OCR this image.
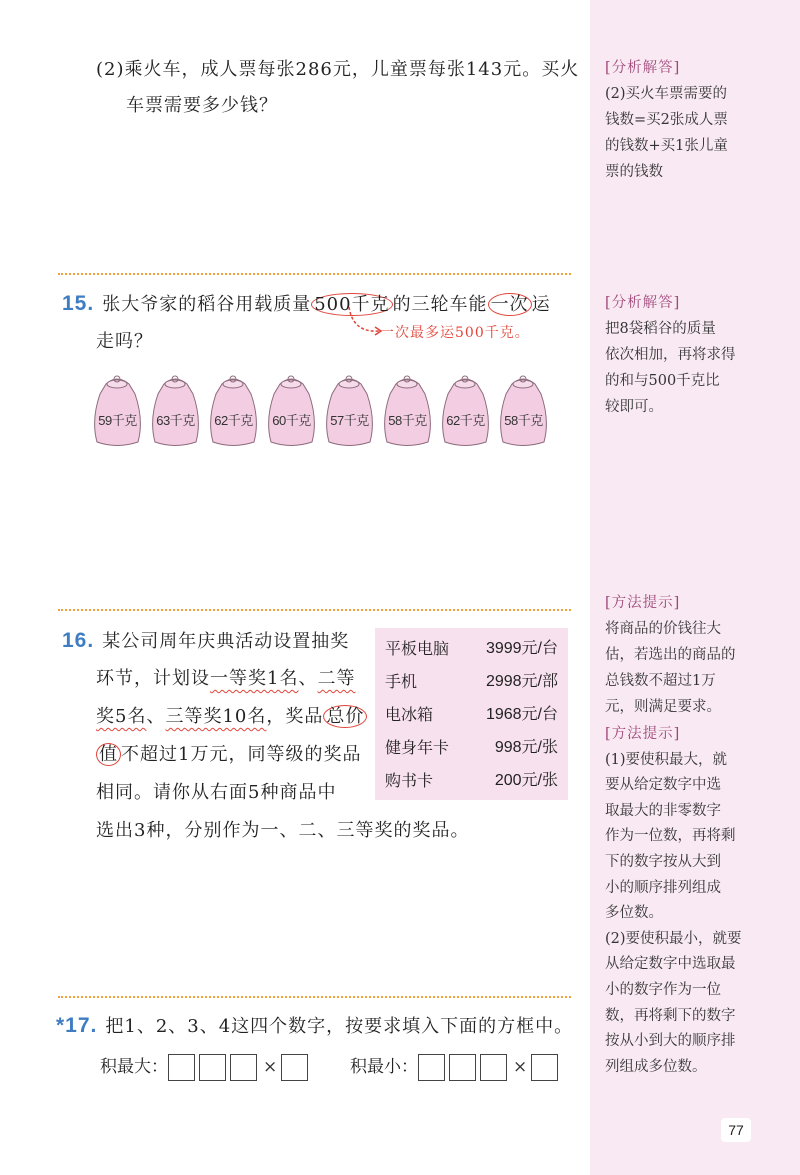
(2)乘火车，成人票每张286元，儿童票每张143元。买火
车票需要多少钱？
[分析解答]
(2)买火车票需要的
钱数=买2张成人票
的钱数+买1张儿童
票的钱数
15. 张大爷家的稻谷用载质量 500千克 的三轮车能 一次 运
走吗？	一次最多运500千克。
59千克	63千克	62千克	60千克	57千克	58千克	62千克	58千克
[分析解答]
把8袋稻谷的质量
依次相加，再将求得
的和与500千克比
较即可。
16. 某公司周年庆典活动设置抽奖
环节，计划设一等奖1名、二等
奖5名、三等奖10名，奖品 总价
值 不超过1万元，同等级的奖品
相同。请你从右面5种商品中
选出3种，分别作为一、二、三等奖的奖品。
平板电脑 3999元/台
手机	2998元/部
电冰箱	1968元/台
健身年卡	998元/张
购书卡	200元/张
[方法提示]
将商品的价钱往大
估，若选出的商品的
总钱数不超过1万
元，则满足要求。
[方法提示]
(1)要使积最大，就
要从给定数字中选
取最大的非零数字
作为一位数，再将剩
下的数字按从大到
小的顺序排列组成
多位数。
(2)要使积最小，就要
从给定数字中选取最
小的数字作为一位
数，再将剩下的数字
按从小到大的顺序排
列组成多位数。
*17. 把1、2、3、4这四个数字，按要求填入下面的方框中。
积最大：	×	积最小：	×
77
